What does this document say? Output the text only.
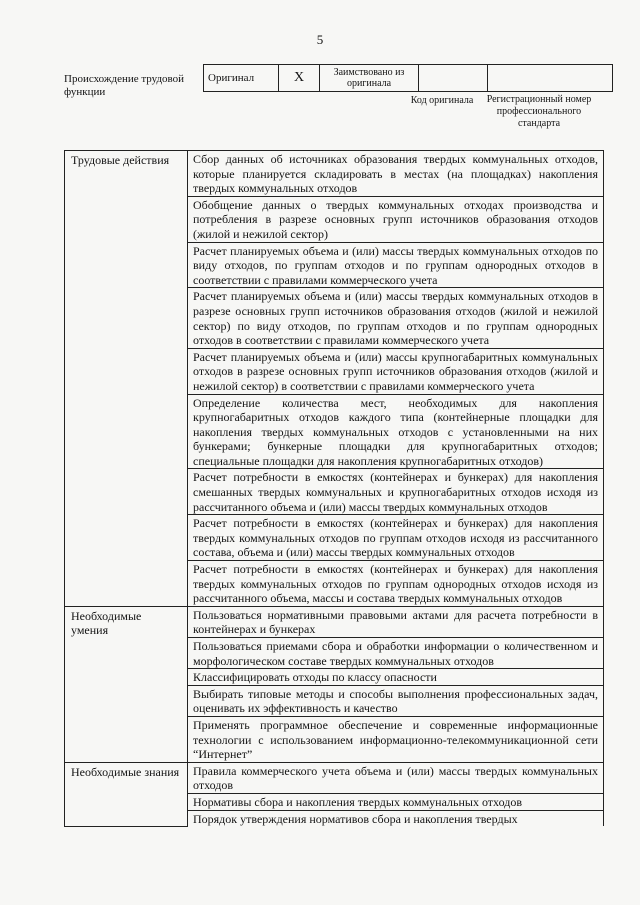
5
Происхождение трудовой функции
Оригинал	X	Заимствовано из оригинала		
Код оригинала	Регистрационный номер профессионального стандарта
Трудовые действия	Сбор данных об источниках образования твердых коммунальных отходов, которые планируется складировать в местах (на площадках) накопления твердых коммунальных отходов
	Обобщение данных о твердых коммунальных отходах производства и потребления в разрезе основных групп источников образования отходов (жилой и нежилой сектор)
	Расчет планируемых объема и (или) массы твердых коммунальных отходов по виду отходов, по группам отходов и по группам однородных отходов в соответствии с правилами коммерческого учета
	Расчет планируемых объема и (или) массы твердых коммунальных отходов в разрезе основных групп источников образования отходов (жилой и нежилой сектор) по виду отходов, по группам отходов и по группам однородных отходов в соответствии с правилами коммерческого учета
	Расчет планируемых объема и (или) массы крупногабаритных коммунальных отходов в разрезе основных групп источников образования отходов (жилой и нежилой сектор) в соответствии с правилами коммерческого учета
	Определение количества мест, необходимых для накопления крупногабаритных отходов каждого типа (контейнерные площадки для накопления твердых коммунальных отходов с установленными на них бункерами; бункерные площадки для крупногабаритных отходов; специальные площадки для накопления крупногабаритных отходов)
	Расчет потребности в емкостях (контейнерах и бункерах) для накопления смешанных твердых коммунальных и крупногабаритных отходов исходя из рассчитанного объема и (или) массы твердых коммунальных отходов
	Расчет потребности в емкостях (контейнерах и бункерах) для накопления твердых коммунальных отходов по группам отходов исходя из рассчитанного состава, объема и (или) массы твердых коммунальных отходов
	Расчет потребности в емкостях (контейнерах и бункерах) для накопления твердых коммунальных отходов по группам однородных отходов исходя из рассчитанного объема, массы и состава твердых коммунальных отходов
Необходимые умения	Пользоваться нормативными правовыми актами для расчета потребности в контейнерах и бункерах
	Пользоваться приемами сбора и обработки информации о количественном и морфологическом составе твердых коммунальных отходов
	Классифицировать отходы по классу опасности
	Выбирать типовые методы и способы выполнения профессиональных задач, оценивать их эффективность и качество
	Применять программное обеспечение и современные информационные технологии с использованием информационно-телекоммуникационной сети “Интернет”
Необходимые знания	Правила коммерческого учета объема и (или) массы твердых коммунальных отходов
	Нормативы сбора и накопления твердых коммунальных отходов
	Порядок утверждения нормативов сбора и накопления твердых
